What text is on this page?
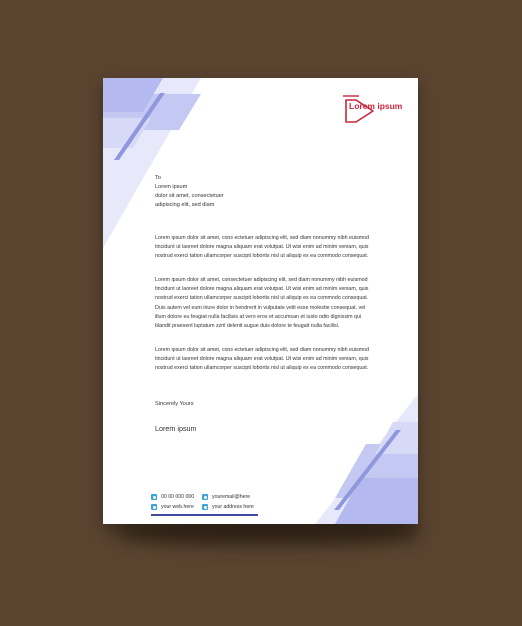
Lorem ipsum
To
Lorem ipsum
dolor sit amet, consectetuer
adipiscing elit, sed diam

Lorem ipsum dolor sit amet, cons ectetuer adipiscing elit, sed diam nonummy nibh euismod tincidunt ut laoreet dolore magna aliquam erat volutpat. Ut wisi enim ad minim veniam, quis nostrud exerci tation ullamcorper suscipit lobortis nisl ut aliquip ex ea commodo consequat.

Lorem ipsum dolor sit amet, consectetuer adipiscing elit, sed diam nonummy nibh euismod tincidunt ut laoreet dolore magna aliquam erat volutpat. Ut wisi enim ad minim veniam, quis nostrud exerci tation ullamcorper suscipit lobortis nisl ut aliquip ex ea commodo consequat. Duis autem vel eum iriure dolor in hendrerit in vulputate velit esse molestie consequat, vel illum dolore eu feugiat nulla facilisis at vero eros et accumsan et iusto odio dignissim qui blandit praesent luptatum zzril delenit augue duis dolore te feugait nulla facilisi.

Lorem ipsum dolor sit amet, cons ectetuer adipiscing elit, sed diam nonummy nibh euismod tincidunt ut laoreet dolore magna aliquam erat volutpat. Ut wisi enim ad minim veniam, quis nostrud exerci tation ullamcorper suscipit lobortis nisl ut aliquip ex ea commodo consequat.

Sincerely Yours
Lorem ipsum
00 00 000 000	youremail@here
your web.here	your address here
